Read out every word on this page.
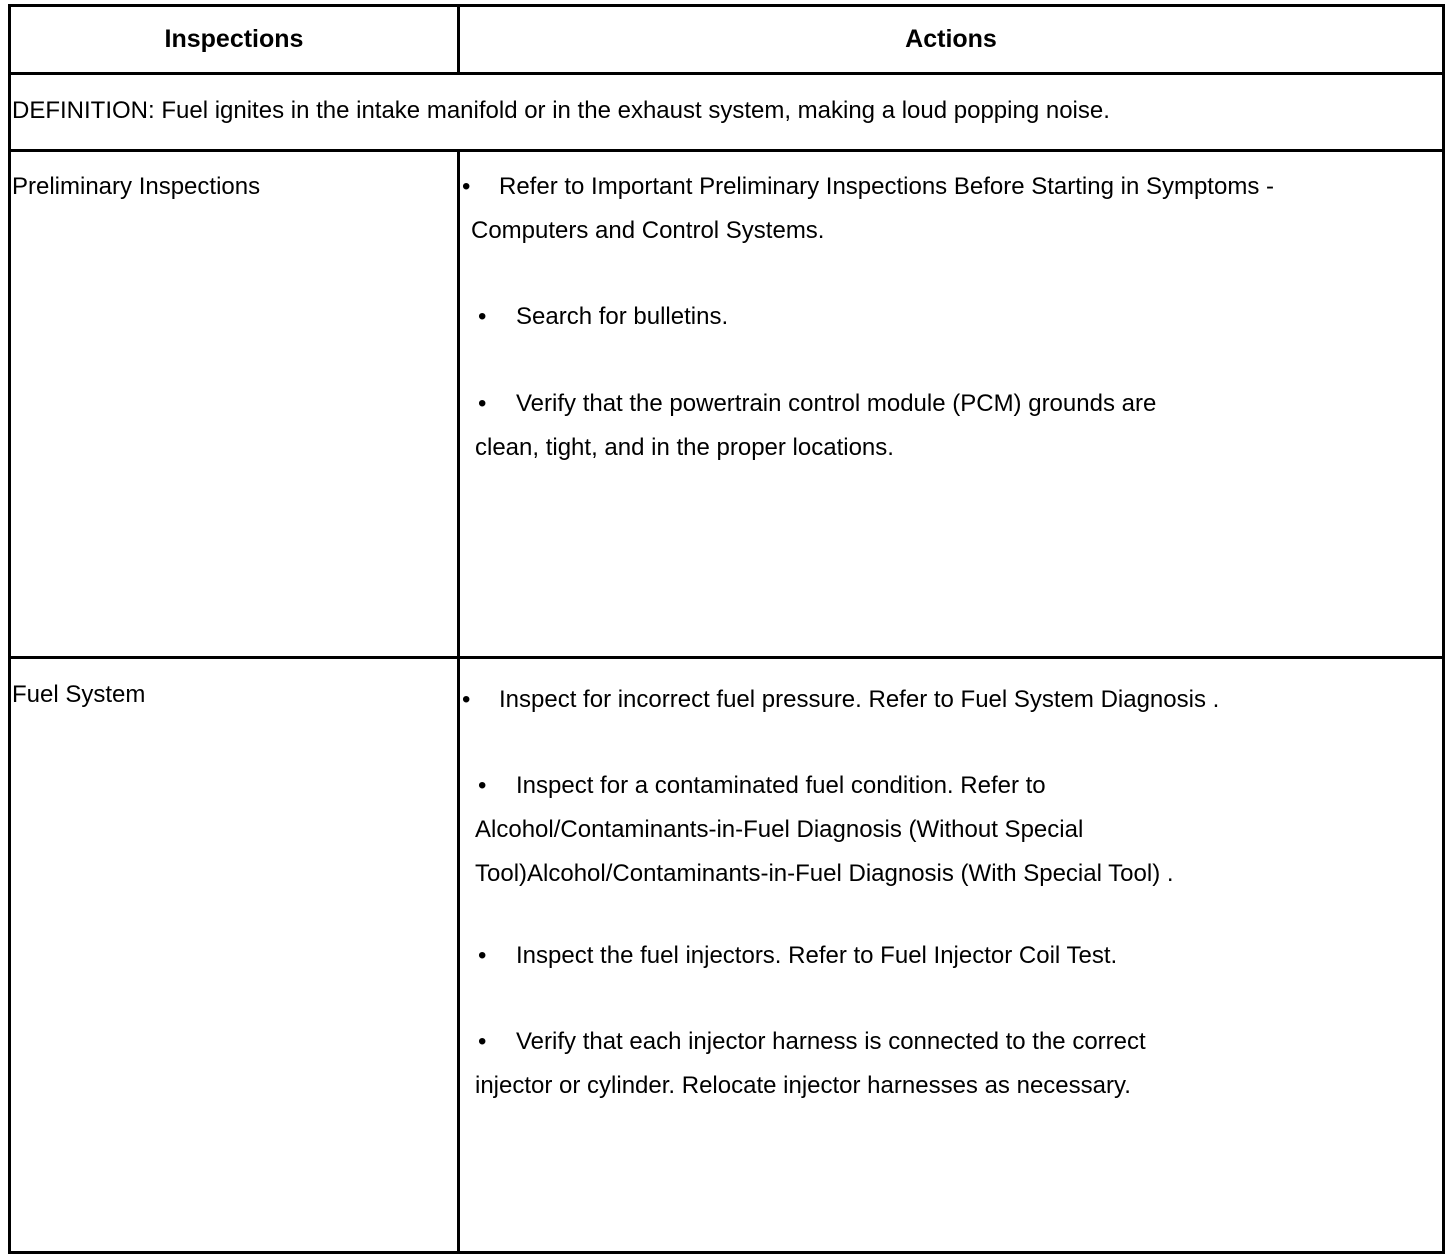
Inspections	Actions
DEFINITION: Fuel ignites in the intake manifold or in the exhaust system, making a loud popping noise.
Preliminary Inspections	• Refer to Important Preliminary Inspections Before Starting in Symptoms -
Computers and Control Systems.
• Search for bulletins.
• Verify that the powertrain control module (PCM) grounds are
clean, tight, and in the proper locations.
Fuel System	• Inspect for incorrect fuel pressure. Refer to Fuel System Diagnosis .
• Inspect for a contaminated fuel condition. Refer to
Alcohol/Contaminants-in-Fuel Diagnosis (Without Special
Tool)Alcohol/Contaminants-in-Fuel Diagnosis (With Special Tool) .
• Inspect the fuel injectors. Refer to Fuel Injector Coil Test.
• Verify that each injector harness is connected to the correct
injector or cylinder. Relocate injector harnesses as necessary.
